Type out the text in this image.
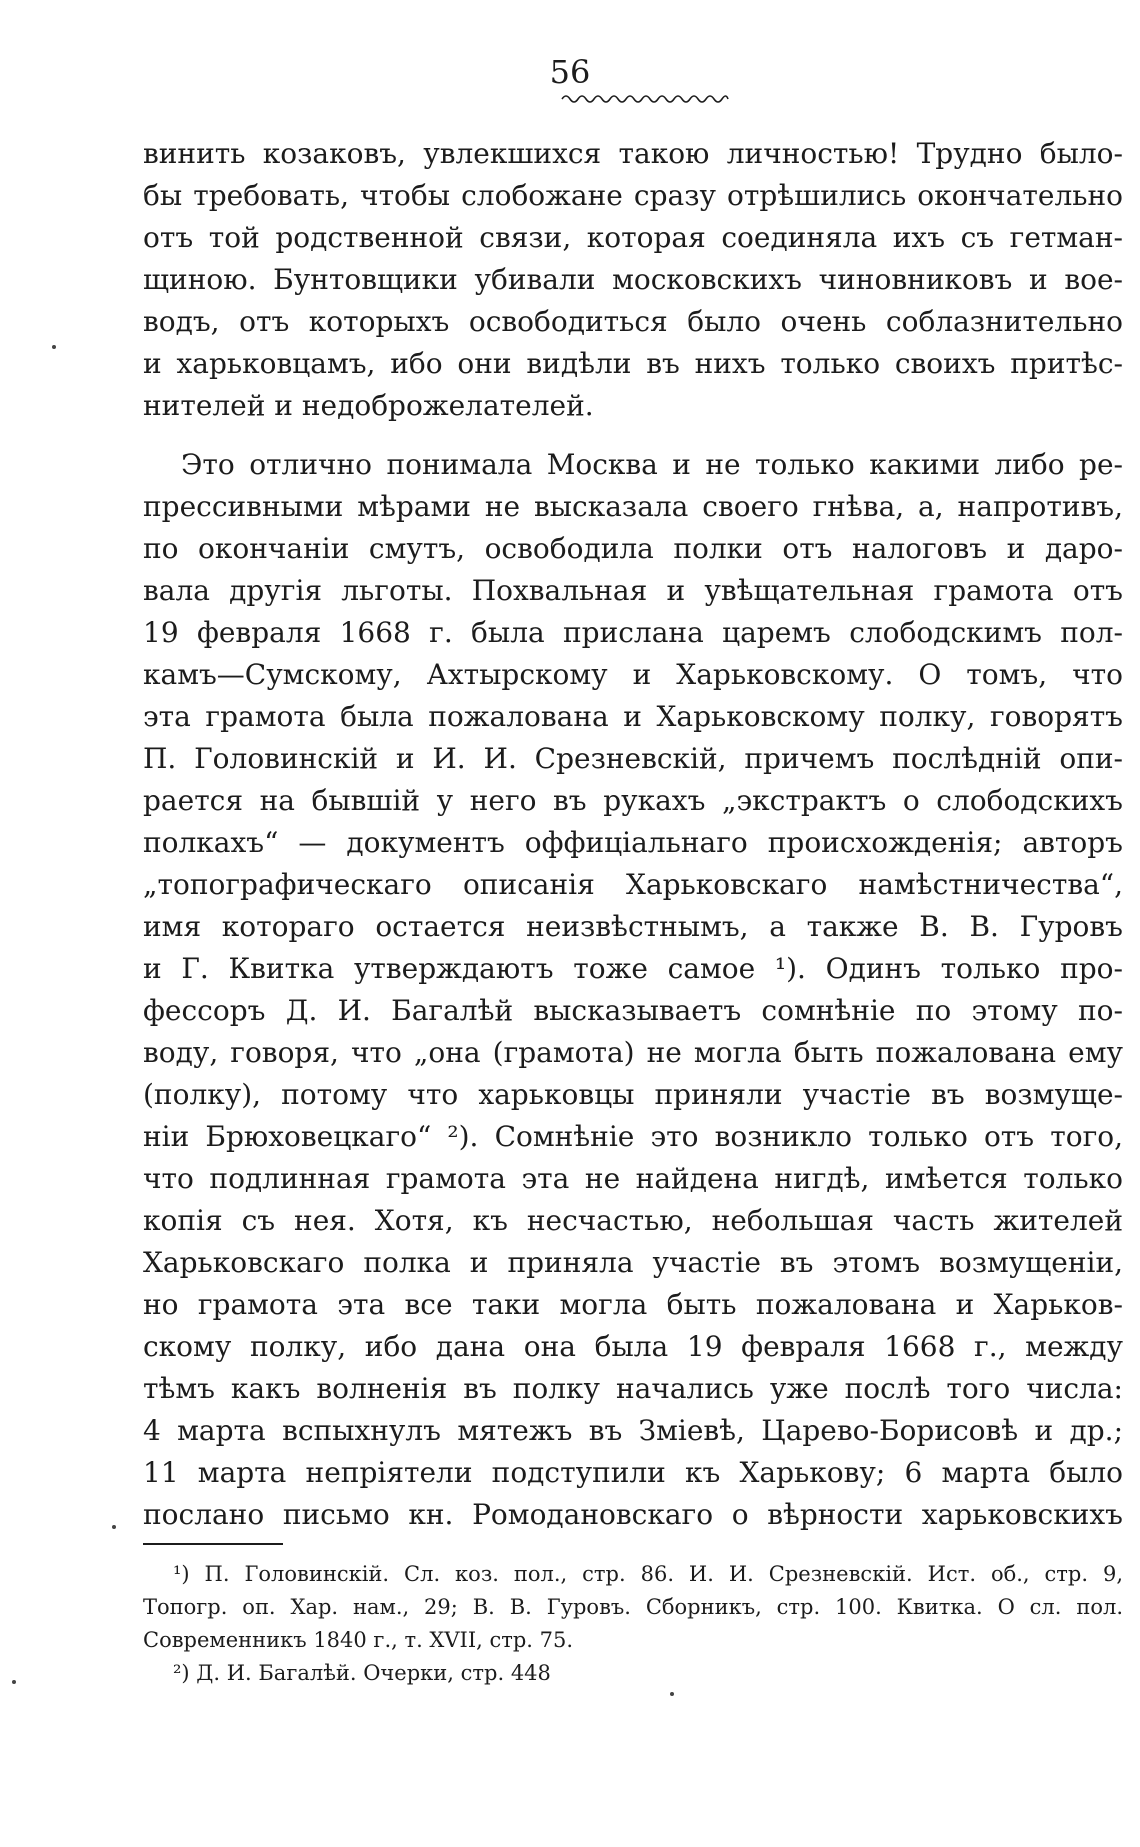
56
винить козаковъ, увлекшихся такою личностью! Трудно было-
бы требовать, чтобы слобожане сразу отрѣшились окончательно
отъ той родственной связи, которая соединяла ихъ съ гетман-
щиною. Бунтовщики убивали московскихъ чиновниковъ и вое-
водъ, отъ которыхъ освободиться было очень соблазнительно
и харьковцамъ, ибо они видѣли въ нихъ только своихъ притѣс-
нителей и недоброжелателей.
Это отлично понимала Москва и не только какими либо ре-
прессивными мѣрами не высказала своего гнѣва, а, напротивъ,
по окончаніи смутъ, освободила полки отъ налоговъ и даро-
вала другія льготы. Похвальная и увѣщательная грамота отъ
19 февраля 1668 г. была прислана царемъ слободскимъ пол-
камъ—Сумскому, Ахтырскому и Харьковскому. О томъ, что
эта грамота была пожалована и Харьковскому полку, говорятъ
П. Головинскій и И. И. Срезневскій, причемъ послѣдній опи-
рается на бывшій у него въ рукахъ „экстрактъ о слободскихъ
полкахъ“ — документъ оффиціальнаго происхожденія; авторъ
„топографическаго описанія Харьковскаго намѣстничества“,
имя котораго остается неизвѣстнымъ, а также В. В. Гуровъ
и Г. Квитка утверждаютъ тоже самое ¹). Одинъ только про-
фессоръ Д. И. Багалѣй высказываетъ сомнѣніе по этому по-
воду, говоря, что „она (грамота) не могла быть пожалована ему
(полку), потому что харьковцы приняли участіе въ возмуще-
ніи Брюховецкаго“ ²). Сомнѣніе это возникло только отъ того,
что подлинная грамота эта не найдена нигдѣ, имѣется только
копія съ нея. Хотя, къ несчастью, небольшая часть жителей
Харьковскаго полка и приняла участіе въ этомъ возмущеніи,
но грамота эта все таки могла быть пожалована и Харьков-
скому полку, ибо дана она была 19 февраля 1668 г., между
тѣмъ какъ волненія въ полку начались уже послѣ того числа:
4 марта вспыхнулъ мятежъ въ Зміевѣ, Царево-Борисовѣ и др.;
11 марта непріятели подступили къ Харькову; 6 марта было
послано письмо кн. Ромодановскаго о вѣрности харьковскихъ
¹) П. Головинскій. Сл. коз. пол., стр. 86. И. И. Срезневскій. Ист. об., стр. 9,
Топогр. оп. Хар. нам., 29; В. В. Гуровъ. Сборникъ, стр. 100. Квитка. О сл. пол.
Современникъ 1840 г., т. XVII, стр. 75.
²) Д. И. Багалѣй. Очерки, стр. 448
